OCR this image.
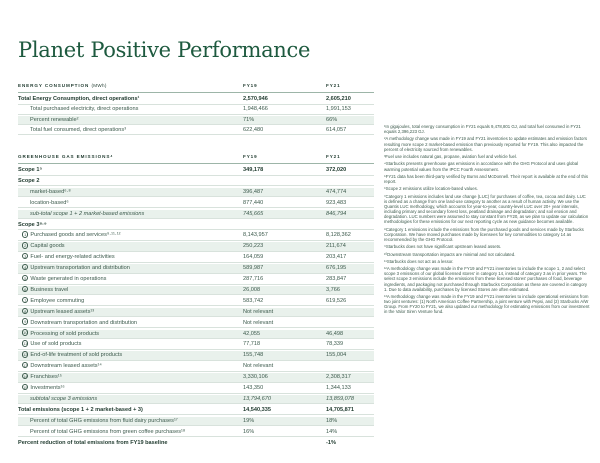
Planet Positive Performance
ENERGY CONSUMPTION (MWh)	FY19	FY21
Total Energy Consumption, direct operations¹	2,570,946	2,605,210
Total purchased electricity, direct operations	1,948,466	1,991,153
Percent renewable²	71%	66%
Total fuel consumed, direct operations³	622,480	614,057
GREENHOUSE GAS EMISSIONS⁴	FY19	FY21
Scope 1⁵	349,178	372,020
Scope 2
market-based⁶·⁸	396,487	474,774
location-based⁶	877,440	923,483
sub-total scope 1 + 2 market-based emissions	745,665	846,794
Scope 3⁸·⁹
1 Purchased goods and services⁹·¹¹·¹²	8,143,957	8,128,362
2 Capital goods	250,223	211,674
3 Fuel- and energy-related activities	164,059	203,417
4 Upstream transportation and distribution	589,987	676,195
5 Waste generated in operations	287,716	283,847
6 Business travel	26,008	3,766
7 Employee commuting	583,742	619,526
8 Upstream leased assets¹³	Not relevant
9 Downstream transportation and distribution	Not relevant
10 Processing of sold products	42,055	46,498
11 Use of sold products	77,718	78,339
12 End-of-life treatment of sold products	155,748	155,004
13 Downstream leased assets¹⁴	Not relevant
14 Franchises¹⁵	3,330,106	2,308,317
15 Investments¹⁶	143,350	1,344,133
subtotal scope 3 emissions	13,794,670	13,859,078
Total emissions (scope 1 + 2 market-based + 3)	14,540,335	14,705,871
Percent of total GHG emissions from fluid dairy purchases¹⁷	19%	18%
Percent of total GHG emissions from green coffee purchases¹⁸	16%	14%
Percent reduction of total emissions from FY19 baseline	-1%
¹In gigajoules, total energy consumption in FY21 equals 9,478,801 GJ, and total fuel consumed in FY21 equals 2,396,223 GJ.
²A methodology change was made in FY19 and FY21 inventories to update estimates and emission factors resulting more scope 2 market-based emission than previously reported for FY19. This also impacted the percent of electricity sourced from renewables.
³Fuel use includes natural gas, propane, aviation fuel and vehicle fuel.
⁴Starbucks presents greenhouse gas emissions in accordance with the GHG Protocol and uses global warming potential values from the IPCC Fourth Assessment.
⁵FY21 data has been third-party verified by Burns and McDonnell. Their report is available at the end of this report.
⁶Scope 2 emissions utilize location-based values.
⁷Category 1 emissions includes land use change (LUC) for purchases of coffee, tea, cocoa and dairy. LUC is defined as a change from one land-use category to another as a result of human activity. We use the Quantis LUC methodology, which accounts for year-to-year, country-level LUC over 20+ year intervals, including primary and secondary forest loss, peatland drainage and degradation; and soil erosion and degradation. LUC numbers were assumed to stay constant from FY20, as we plan to update our calculation methodologies for these emissions for our next reporting cycle as new guidance becomes available.
⁸Category 1 emissions include the emissions from the purchased goods and services made by Starbucks Corporation. We have moved purchases made by licensees for key commodities to category 14 as recommended by the GHG Protocol.
⁹Starbucks does not have significant upstream leased assets.
¹⁰Downstream transportation impacts are minimal and not calculated.
¹¹Starbucks does not act as a lessor.
¹²A methodology change was made in the FY19 and FY21 inventories to include the scope 1, 2 and select scope 3 emissions of our global licensed stores' in category 14, instead of category 3 as in prior years. The select scope 3 emissions include the emissions from these licensed stores' purchases of food, beverage ingredients, and packaging not purchased through Starbucks Corporation as these are covered in category 1. Due to data availability, purchases by licensed Stores are often estimated.
¹³A methodology change was made in the FY19 and FY21 inventories to include operational emissions from two joint ventures: (1) North American Coffee Partnership, a joint venture with Pepsi, and (2) Starbucks A/W Group. From FY20 to FY21, we also updated our methodology for estimating emissions from our investment in the Valor Siren Venture fund.
